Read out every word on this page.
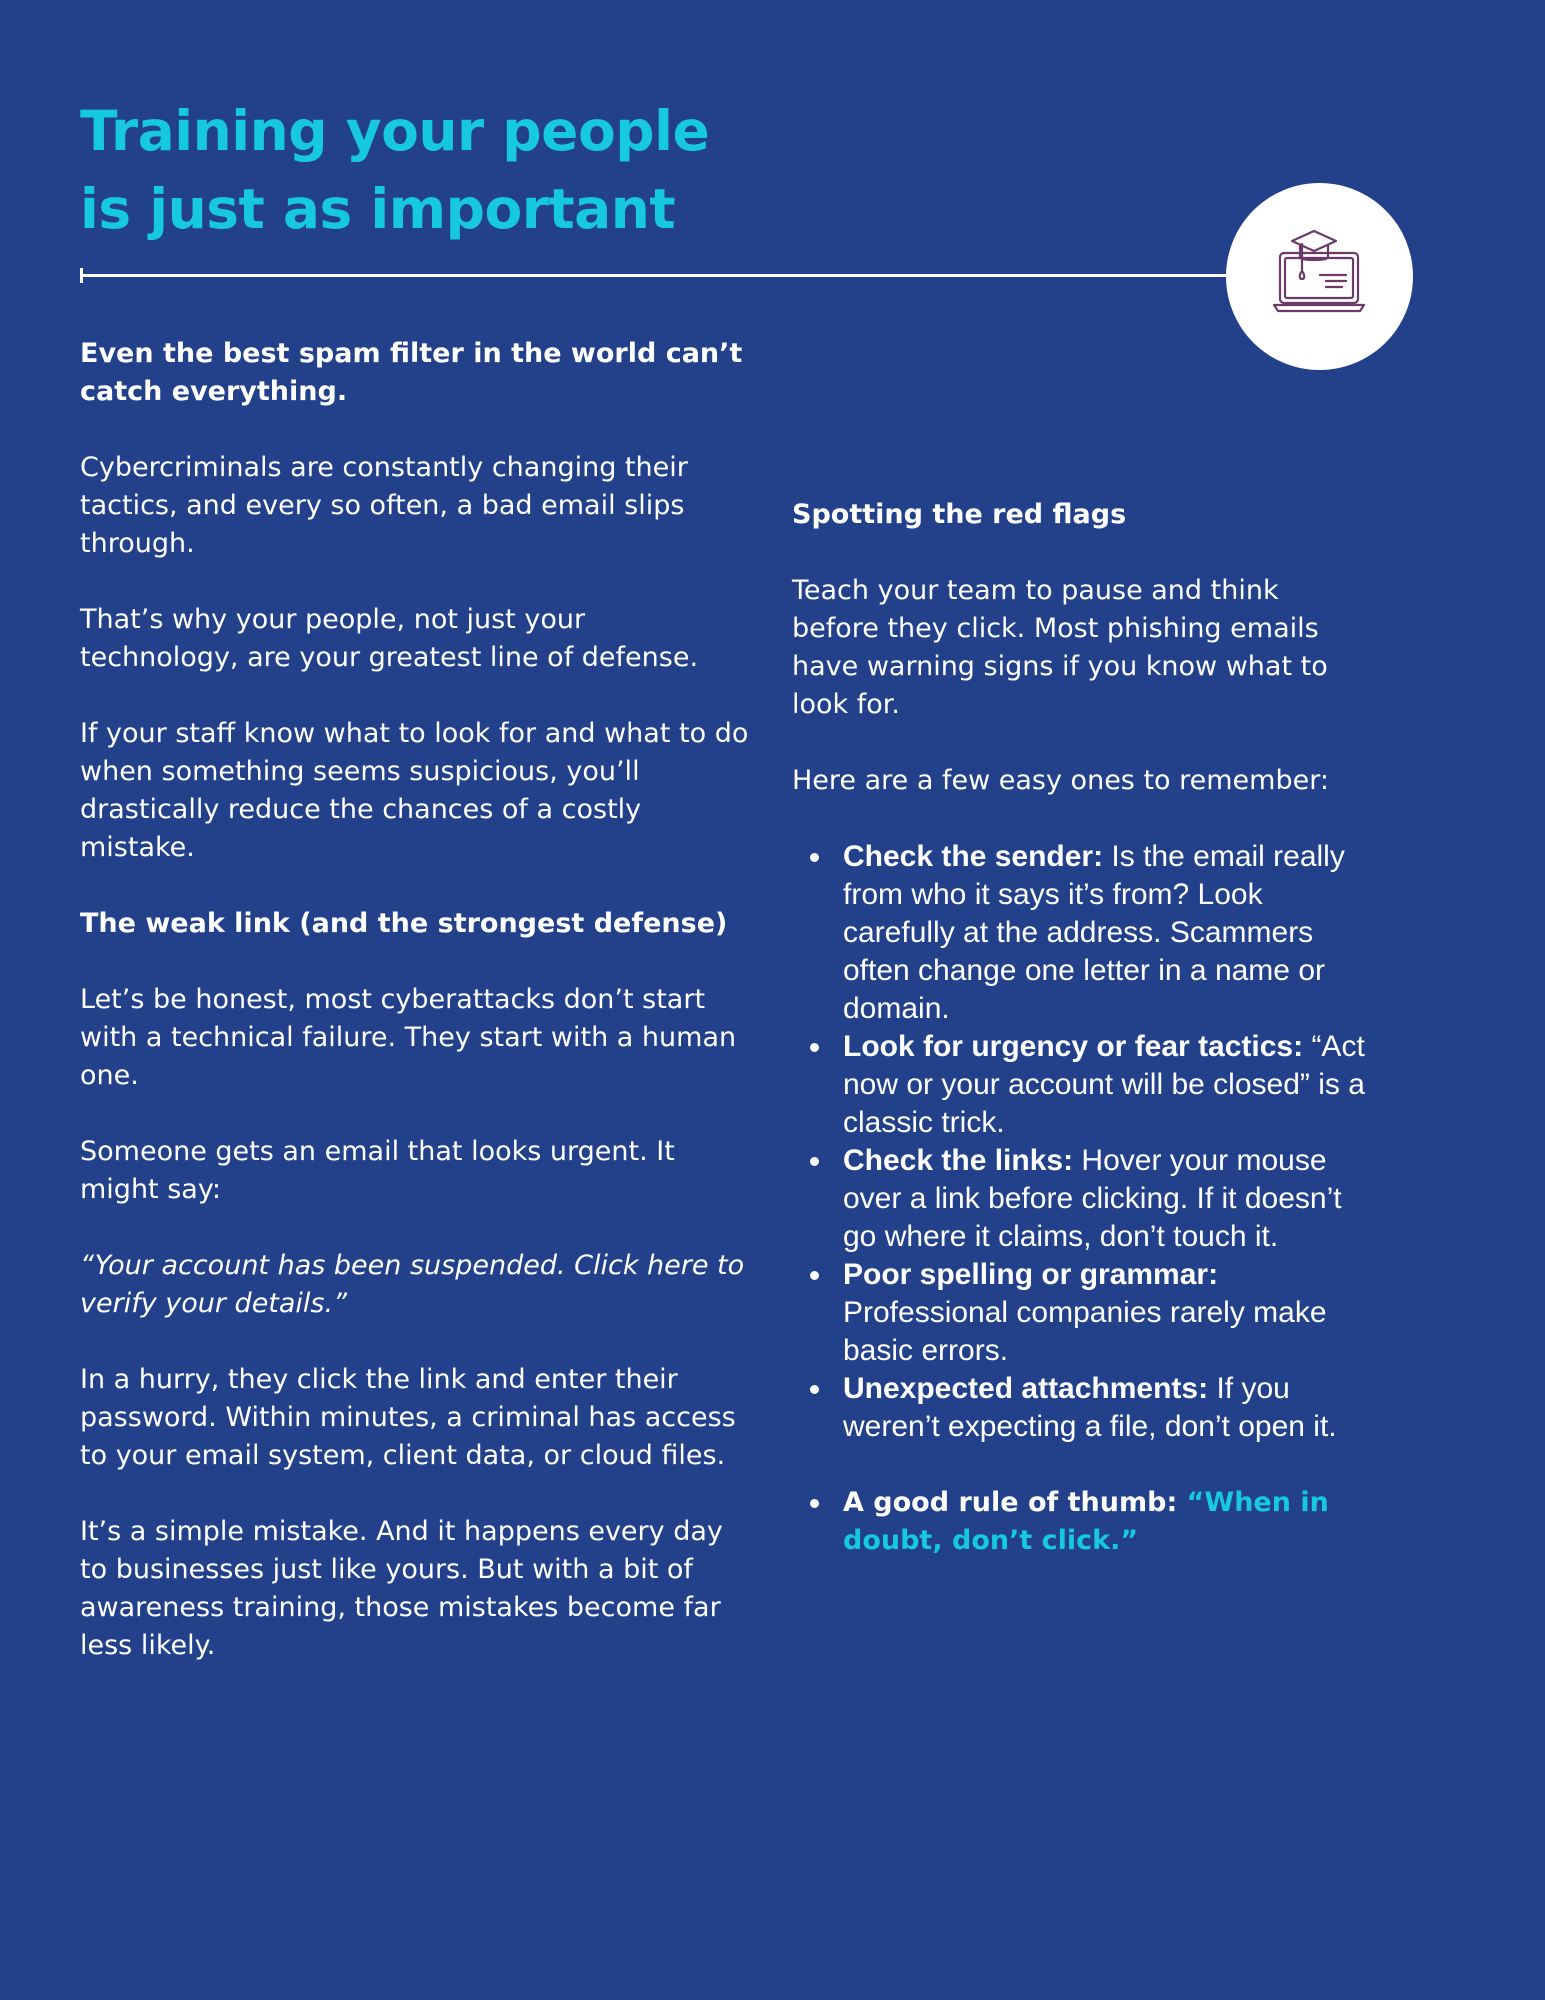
Training your people
is just as important

Even the best spam filter in the world can’t catch everything.

Cybercriminals are constantly changing their tactics, and every so often, a bad email slips through.

That’s why your people, not just your technology, are your greatest line of defense.

If your staff know what to look for and what to do when something seems suspicious, you’ll drastically reduce the chances of a costly mistake.

The weak link (and the strongest defense)

Let’s be honest, most cyberattacks don’t start with a technical failure. They start with a human one.

Someone gets an email that looks urgent. It might say:

“Your account has been suspended. Click here to verify your details.”

In a hurry, they click the link and enter their password. Within minutes, a criminal has access to your email system, client data, or cloud files.

It’s a simple mistake. And it happens every day to businesses just like yours. But with a bit of awareness training, those mistakes become far less likely.

Spotting the red flags

Teach your team to pause and think before they click. Most phishing emails have warning signs if you know what to look for.

Here are a few easy ones to remember:

Check the sender: Is the email really from who it says it’s from? Look carefully at the address. Scammers often change one letter in a name or domain.
Look for urgency or fear tactics: “Act now or your account will be closed” is a classic trick.
Check the links: Hover your mouse over a link before clicking. If it doesn’t go where it claims, don’t touch it.
Poor spelling or grammar: Professional companies rarely make basic errors.
Unexpected attachments: If you weren’t expecting a file, don’t open it.
A good rule of thumb: “When in doubt, don’t click.”
